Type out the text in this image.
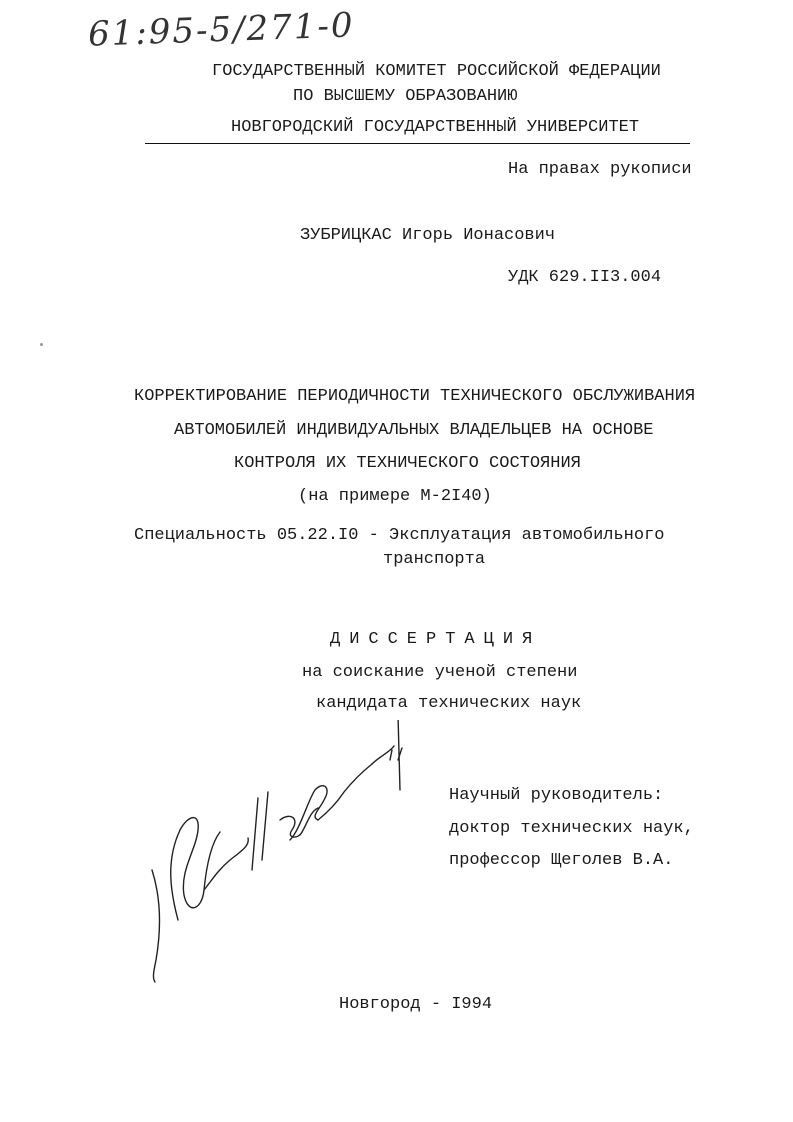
61:95-5/271-0
ГОСУДАРСТВЕННЫЙ КОМИТЕТ РОССИЙСКОЙ ФЕДЕРАЦИИ
ПО ВЫСШЕМУ ОБРАЗОВАНИЮ
НОВГОРОДСКИЙ ГОСУДАРСТВЕННЫЙ УНИВЕРСИТЕТ
На правах рукописи
ЗУБРИЦКАС Игорь Ионасович
УДК 629.II3.004
КОРРЕКТИРОВАНИЕ ПЕРИОДИЧНОСТИ ТЕХНИЧЕСКОГО ОБСЛУЖИВАНИЯ
АВТОМОБИЛЕЙ ИНДИВИДУАЛЬНЫХ ВЛАДЕЛЬЦЕВ НА ОСНОВЕ
КОНТРОЛЯ ИХ ТЕХНИЧЕСКОГО СОСТОЯНИЯ
(на примере М-2I40)
Специальность 05.22.I0 - Эксплуатация автомобильного
транспорта
ДИССЕРТАЦИЯ
на соискание ученой степени
кандидата технических наук
Научный руководитель:
доктор технических наук,
профессор Щеголев В.А.
Новгород - I994
